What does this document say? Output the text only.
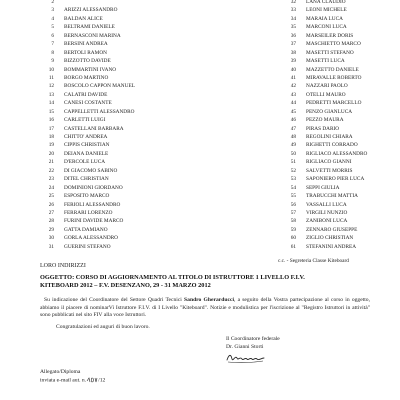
2
3 ARIZZI ALESSANDRO
4 BALDAN ALICE
5 BELTRAMI DANIELE
6 BERNASCONI MARINA
7 BERSINI ANDREA
8 BERTOLI RAMON
9 BIZZOTTO DAVIDE
10 BOMMARTINI IVANO
11 BORGO MARTINO
12 BOSCOLO CAPPON MANUEL
13 CALATRI DAVIDE
14 CANESI COSTANTE
15 CAPPELLETTI ALESSANDRO
16 CARLETTI LUIGI
17 CASTELLANI BARBARA
18 CHITTO' ANDREA
19 CIPPIS CHRISTIAN
20 DEIANA DANIELE
21 D'ERCOLE LUCA
22 DI GIACOMO SABINO
23 DITEL CHRISTIAN
24 DOMINIONI GIORDANO
25 ESPOSITO MARCO
26 FERIOLI ALESSANDRO
27 FERRARI LORENZO
28 FURINI DAVIDE MARCO
29 GATTA DAMIANO
30 GORLA ALESSANDRO
31 GUERINI STEFANO
32 LANA CLAUDIO
33 LEONI MICHELE
34 MARAIA LUCA
35 MARCONI LUCA
36 MARSEILER DORIS
37 MASCHIETTO MARCO
38 MASETTI STEFANO
39 MASETTI LUCA
40 MAZZETTO DANIELE
41 MIRAVALLE ROBERTO
42 NAZZARI PAOLO
43 OTELLI MAURO
44 PEDRETTI MARCELLO
45 PENZO GIANLUCA
46 PEZZO MAURA
47 PIRAS DARIO
48 REGOLINI CHIARA
49 RIGHETTI CORRADO
50 RIGLIACO ALESSANDRO
51 RIGLIACO GIANNI
52 SALVETTI MORRIS
53 SAPONIERO PIER LUCA
54 SEPPI GIULIA
55 TRABUCCHI MATTIA
56 VASSALLI LUCA
57 VIRGILI NUNZIO
58 ZANIBONI LUCA
59 ZENNARO GIUSEPPE
60 ZIGLIO CHRISTIAN
61 STEFANINI ANDREA
c.c. - Segreteria Classe Kiteboard
LORO INDIRIZZI
OGGETTO: CORSO DI AGGIORNAMENTO AL TITOLO DI ISTRUTTORE 1 LIVELLO F.I.V.
KITEBOARD 2012 – F.V. DESENZANO, 29 - 31 MARZO 2012
Su indicazione del Coordinatore del Settore Quadri Tecnici Sandro Gherarducci, a seguito della Vostra partecipazione al corso in oggetto, abbiamo il piacere di nominarVi Istruttore F.I.V. di I Livello "Kiteboard". Notizie e modulistica per l'iscrizione al "Registro Istruttori in attività" sono pubblicati nel sito FIV alla voce Istruttori.
Congratulazioni ed auguri di buon lavoro.
Il Coordinatore federale
Dr. Gianni Storti
Allegato/Diploma
inviata e-mail aut. n. /12
